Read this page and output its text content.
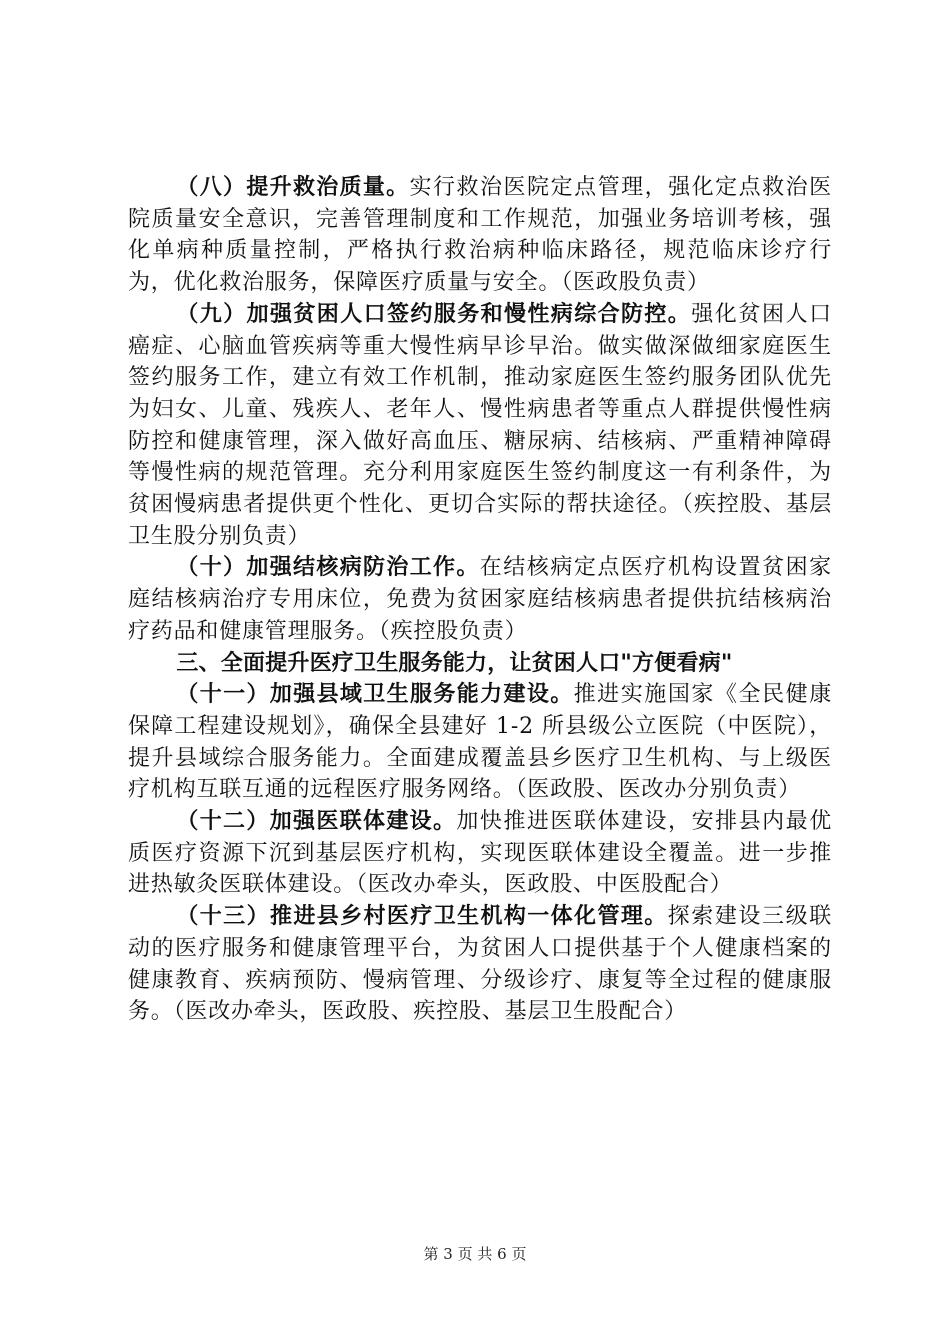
（八）提升救治质量。实行救治医院定点管理，强化定点救治医院质量安全意识，完善管理制度和工作规范，加强业务培训考核，强化单病种质量控制，严格执行救治病种临床路径，规范临床诊疗行为，优化救治服务，保障医疗质量与安全。（医政股负责）

（九）加强贫困人口签约服务和慢性病综合防控。强化贫困人口癌症、心脑血管疾病等重大慢性病早诊早治。做实做深做细家庭医生签约服务工作，建立有效工作机制，推动家庭医生签约服务团队优先为妇女、儿童、残疾人、老年人、慢性病患者等重点人群提供慢性病防控和健康管理，深入做好高血压、糖尿病、结核病、严重精神障碍等慢性病的规范管理。充分利用家庭医生签约制度这一有利条件，为贫困慢病患者提供更个性化、更切合实际的帮扶途径。（疾控股、基层卫生股分别负责）

（十）加强结核病防治工作。在结核病定点医疗机构设置贫困家庭结核病治疗专用床位，免费为贫困家庭结核病患者提供抗结核病治疗药品和健康管理服务。（疾控股负责）

三、全面提升医疗卫生服务能力，让贫困人口"方便看病"

（十一）加强县域卫生服务能力建设。推进实施国家《全民健康保障工程建设规划》，确保全县建好 1-2 所县级公立医院（中医院），提升县域综合服务能力。全面建成覆盖县乡医疗卫生机构、与上级医疗机构互联互通的远程医疗服务网络。（医政股、医改办分别负责）

（十二）加强医联体建设。加快推进医联体建设，安排县内最优质医疗资源下沉到基层医疗机构，实现医联体建设全覆盖。进一步推进热敏灸医联体建设。（医改办牵头，医政股、中医股配合）

（十三）推进县乡村医疗卫生机构一体化管理。探索建设三级联动的医疗服务和健康管理平台，为贫困人口提供基于个人健康档案的健康教育、疾病预防、慢病管理、分级诊疗、康复等全过程的健康服务。（医改办牵头，医政股、疾控股、基层卫生股配合）

第 3 页 共 6 页
